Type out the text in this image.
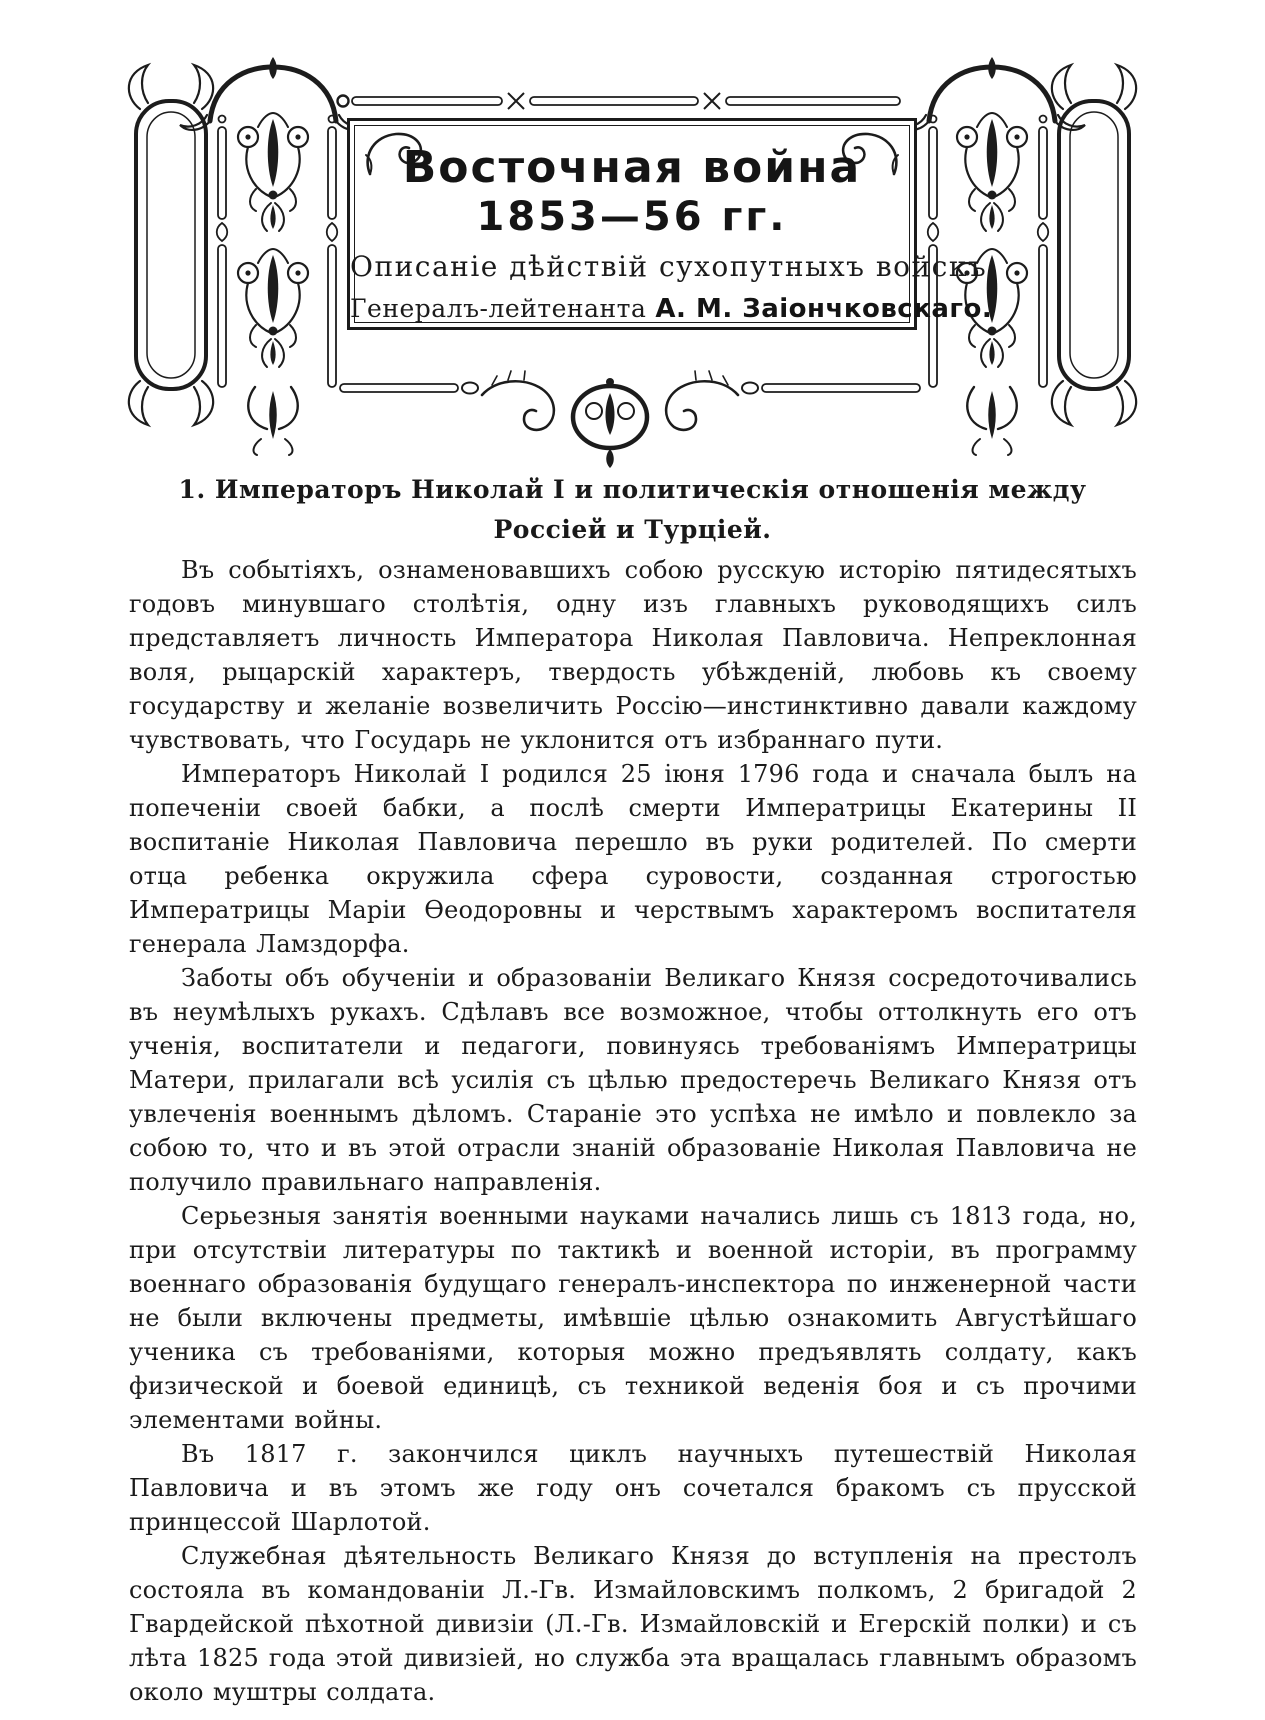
Восточная война
1853—56 гг.
Описаніе дѣйствій сухопутныхъ войскъ
Генералъ-лейтенанта А. М. Заіончковскаго.
1. Императоръ Николай I и политическія отношенія между Россіей и Турціей.

Въ событіяхъ, ознаменовавшихъ собою русскую исторію пятидесятыхъ годовъ минувшаго столѣтія, одну изъ главныхъ руководящихъ силъ представляетъ личность Императора Николая Павловича. Непреклонная воля, рыцарскій характеръ, твердость убѣжденій, любовь къ своему государству и желаніе возвеличить Россію—инстинктивно давали каждому чувствовать, что Государь не уклонится отъ избраннаго пути.

Императоръ Николай I родился 25 іюня 1796 года и сначала былъ на попеченіи своей бабки, а послѣ смерти Императрицы Екатерины II воспитаніе Николая Павловича перешло въ руки родителей. По смерти отца ребенка окружила сфера суровости, созданная строгостью Императрицы Маріи Ѳеодоровны и черствымъ характеромъ воспитателя генерала Ламздорфа.

Заботы объ обученіи и образованіи Великаго Князя сосредоточивались въ неумѣлыхъ рукахъ. Сдѣлавъ все возможное, чтобы оттолкнуть его отъ ученія, воспитатели и педагоги, повинуясь требованіямъ Императрицы Матери, прилагали всѣ усилія съ цѣлью предостеречь Великаго Князя отъ увлеченія военнымъ дѣломъ. Стараніе это успѣха не имѣло и повлекло за собою то, что и въ этой отрасли знаній образованіе Николая Павловича не получило правильнаго направленія.

Серьезныя занятія военными науками начались лишь съ 1813 года, но, при отсутствіи литературы по тактикѣ и военной исторіи, въ программу военнаго образованія будущаго генералъ-инспектора по инженерной части не были включены предметы, имѣвшіе цѣлью ознакомить Августѣйшаго ученика съ требованіями, которыя можно предъявлять солдату, какъ физической и боевой единицѣ, съ техникой веденія боя и съ прочими элементами войны.

Въ 1817 г. закончился циклъ научныхъ путешествій Николая Павловича и въ этомъ же году онъ сочетался бракомъ съ прусской принцессой Шарлотой.

Служебная дѣятельность Великаго Князя до вступленія на престолъ состояла въ командованіи Л.-Гв. Измайловскимъ полкомъ, 2 бригадой 2 Гвардейской пѣхотной дивизіи (Л.-Гв. Измайловскій и Егерскій полки) и съ лѣта 1825 года этой дивизіей, но служба эта вращалась главнымъ образомъ около муштры солдата.
